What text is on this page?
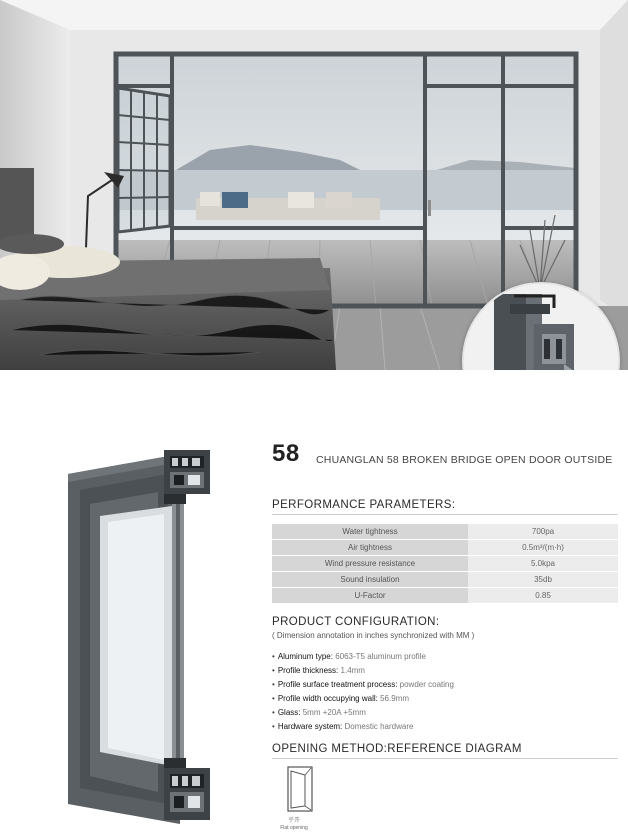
58 CHUANGLAN 58 BROKEN BRIDGE OPEN DOOR OUTSIDE
PERFORMANCE PARAMETERS:
Water tightness	700pa
Air tightness	0.5m³/(m·h)
Wind pressure resistance	5.0kpa
Sound insulation	35db
U-Factor	0.85
PRODUCT CONFIGURATION:
( Dimension annotation in inches synchronized with MM )
• Aluminum type: 6063-T5 aluminum profile
• Profile thickness: 1.4mm
• Profile surface treatment process: powder coating
• Profile width occupying wall: 56.9mm
• Glass: 5mm +20A +5mm
• Hardware system: Domestic hardware
OPENING METHOD:REFERENCE DIAGRAM
平开
Flat opening
